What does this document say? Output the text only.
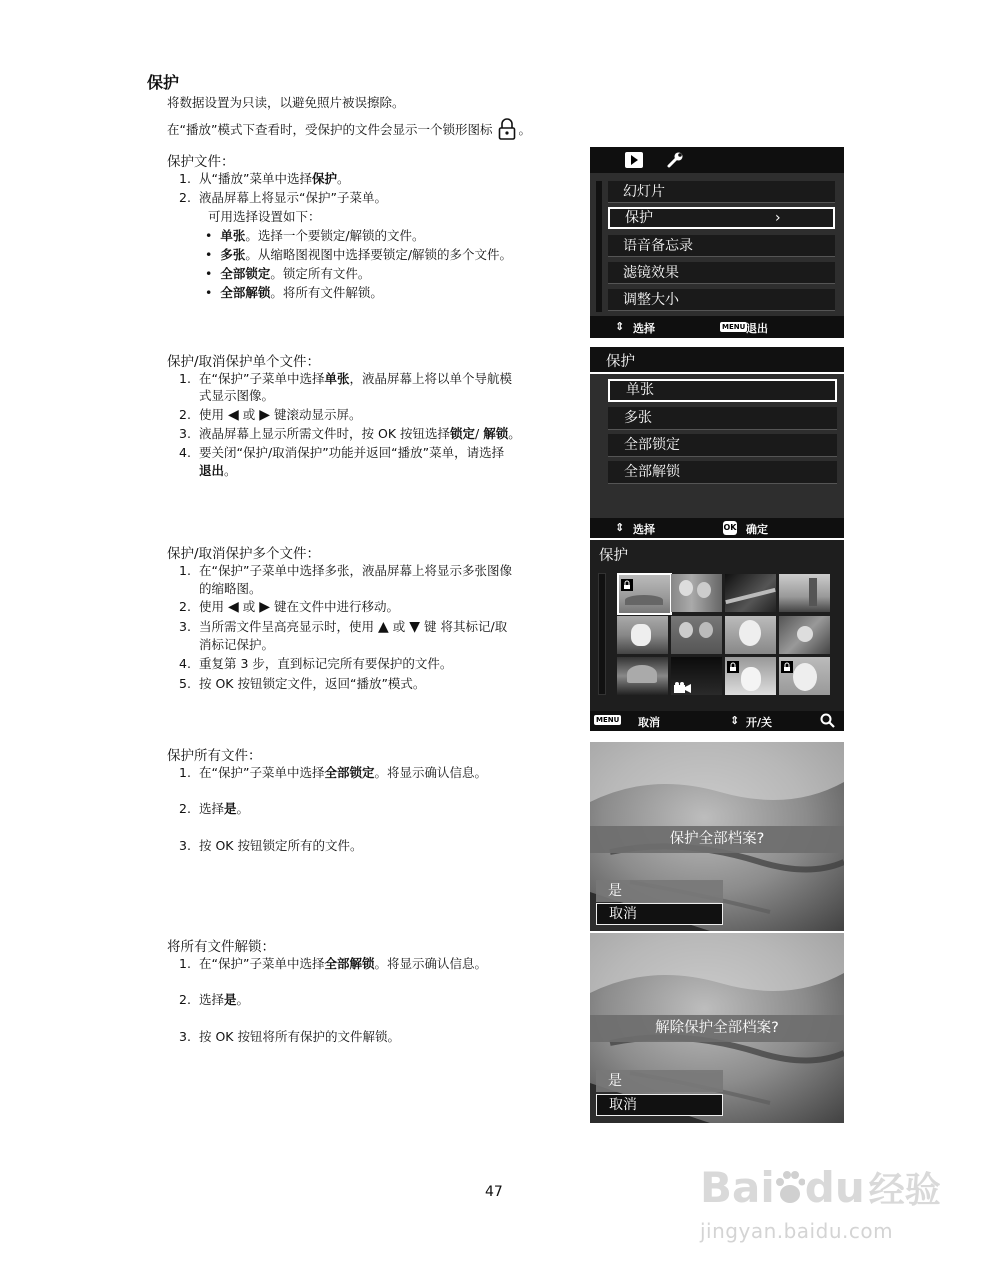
保护
将数据设置为只读，以避免照片被误擦除。
在“播放”模式下查看时，受保护的文件会显示一个锁形图标 。
保护文件：
1. 从“播放”菜单中选择保护。
2. 液晶屏幕上将显示“保护”子菜单。
可用选择设置如下：
•  单张。选择一个要锁定/解锁的文件。
•  多张。从缩略图视图中选择要锁定/解锁的多个文件。
•  全部锁定。锁定所有文件。
•  全部解锁。将所有文件解锁。
保护/取消保护单个文件：
1. 在“保护”子菜单中选择单张，液晶屏幕上将以单个导航模
式显示图像。
2. 使用 ◀ 或 ▶ 键滚动显示屏。
3. 液晶屏幕上显示所需文件时，按 OK 按钮选择锁定/ 解锁。
4. 要关闭“保护/取消保护”功能并返回“播放”菜单，请选择
退出。
保护/取消保护多个文件：
1. 在“保护”子菜单中选择多张，液晶屏幕上将显示多张图像
的缩略图。
2. 使用 ◀ 或 ▶ 键在文件中进行移动。
3. 当所需文件呈高亮显示时，使用 ▲ 或 ▼ 键 将其标记/取
消标记保护。
4. 重复第 3 步，直到标记完所有要保护的文件。
5. 按 OK 按钮锁定文件，返回“播放”模式。
保护所有文件：
1. 在“保护”子菜单中选择全部锁定。将显示确认信息。
2. 选择是。
3. 按 OK 按钮锁定所有的文件。
将所有文件解锁：
1. 在“保护”子菜单中选择全部解锁。将显示确认信息。
2. 选择是。
3. 按 OK 按钮将所有保护的文件解锁。
幻灯片
保护	›
语音备忘录
滤镜效果
调整大小
⇕ 选择	MENU 退出
保护
单张
多张
全部锁定
全部解锁
⇕ 选择	OK 确定
保护
MENU 取消	⇕ 开/关
保护全部档案?
是
取消
解除保护全部档案?
是
取消
47	Bai du 经验
jingyan.baidu.com
